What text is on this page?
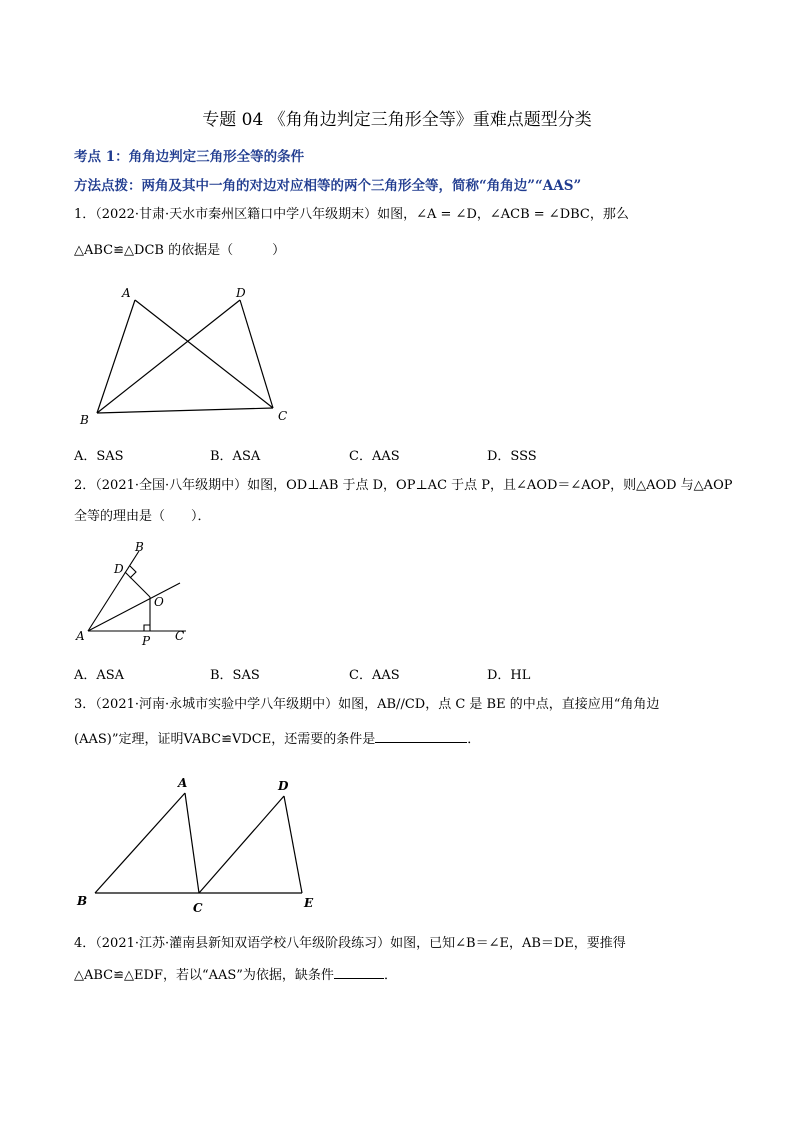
专题 04 《角角边判定三角形全等》重难点题型分类
考点 1：角角边判定三角形全等的条件
方法点拨：两角及其中一角的对边对应相等的两个三角形全等，简称“角角边”“AAS”
1．（2022·甘肃·天水市秦州区籍口中学八年级期末）如图，∠A = ∠D，∠ACB = ∠DBC，那么
△ABC≌△DCB 的依据是（　　　）
A	D
B	C
A．SAS	B．ASA	C．AAS	D．SSS
2．（2021·全国·八年级期中）如图，OD⊥AB 于点 D，OP⊥AC 于点 P，且∠AOD＝∠AOP，则△AOD 与△AOP
全等的理由是（　　）．
B
D
O
A	P C
A．ASA	B．SAS	C．AAS	D．HL
3．（2021·河南·永城市实验中学八年级期中）如图，AB//CD，点 C 是 BE 的中点，直接应用“角角边
(AAS)”定理，证明VABC≌VDCE，还需要的条件是	．
A	D
B	C	E
4．（2021·江苏·灌南县新知双语学校八年级阶段练习）如图，已知∠B＝∠E，AB＝DE，要推得
△ABC≌△EDF，若以“AAS”为依据，缺条件	．
